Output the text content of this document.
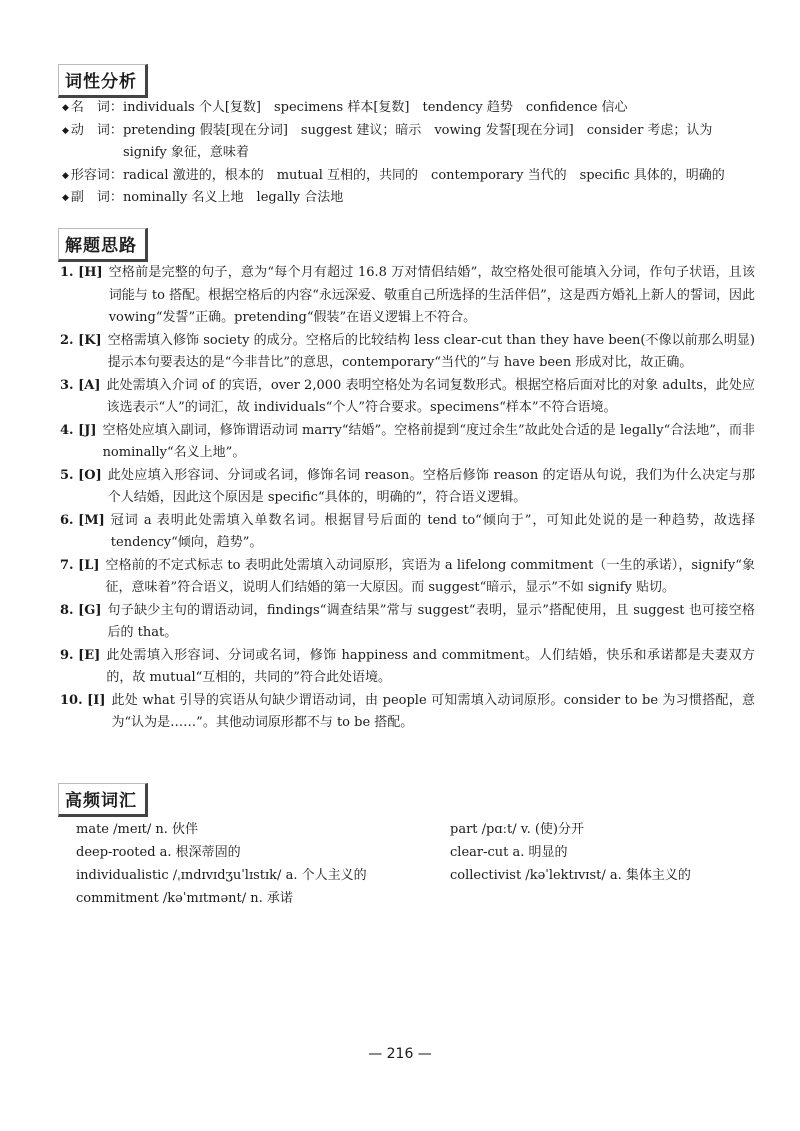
词性分析
◆ 名　词： individuals 个人[复数]　specimens 样本[复数]　tendency 趋势　confidence 信心
◆ 动　词： pretending 假装[现在分词]　suggest 建议；暗示　vowing 发誓[现在分词]　consider 考虑；认为　signify 象征，意味着
◆ 形容词： radical 激进的，根本的　mutual 互相的，共同的　contemporary 当代的　specific 具体的，明确的
◆ 副　词： nominally 名义上地　legally 合法地
解题思路
1. [H] 空格前是完整的句子，意为“每个月有超过 16.8 万对情侣结婚”，故空格处很可能填入分词，作句子状语，且该词能与 to 搭配。根据空格后的内容“永远深爱、敬重自己所选择的生活伴侣”，这是西方婚礼上新人的誓词，因此 vowing“发誓”正确。pretending“假装”在语义逻辑上不符合。
2. [K] 空格需填入修饰 society 的成分。空格后的比较结构 less clear-cut than they have been(不像以前那么明显)提示本句要表达的是“今非昔比”的意思，contemporary“当代的”与 have been 形成对比，故正确。
3. [A] 此处需填入介词 of 的宾语，over 2,000 表明空格处为名词复数形式。根据空格后面对比的对象 adults，此处应该选表示“人”的词汇，故 individuals“个人”符合要求。specimens“样本”不符合语境。
4. [J] 空格处应填入副词，修饰谓语动词 marry“结婚”。空格前提到“度过余生”故此处合适的是 legally“合法地”，而非 nominally“名义上地”。
5. [O] 此处应填入形容词、分词或名词，修饰名词 reason。空格后修饰 reason 的定语从句说，我们为什么决定与那个人结婚，因此这个原因是 specific“具体的，明确的”，符合语义逻辑。
6. [M] 冠词 a 表明此处需填入单数名词。根据冒号后面的 tend to“倾向于”，可知此处说的是一种趋势，故选择 tendency“倾向，趋势”。
7. [L] 空格前的不定式标志 to 表明此处需填入动词原形，宾语为 a lifelong commitment（一生的承诺），signify“象征，意味着”符合语义，说明人们结婚的第一大原因。而 suggest“暗示，显示”不如 signify 贴切。
8. [G] 句子缺少主句的谓语动词，findings“调查结果”常与 suggest“表明，显示”搭配使用，且 suggest 也可接空格后的 that。
9. [E] 此处需填入形容词、分词或名词，修饰 happiness and commitment。人们结婚，快乐和承诺都是夫妻双方的，故 mutual“互相的，共同的”符合此处语境。
10. [I] 此处 what 引导的宾语从句缺少谓语动词，由 people 可知需填入动词原形。consider to be 为习惯搭配，意为“认为是……”。其他动词原形都不与 to be 搭配。
高频词汇
mate /meɪt/ n. 伙伴
deep-rooted a. 根深蒂固的
individualistic /ˌɪndɪvɪdʒuˈlɪstɪk/ a. 个人主义的
commitment /kəˈmɪtmənt/ n. 承诺
part /pɑːt/ v. (使)分开
clear-cut a. 明显的
collectivist /kəˈlektɪvɪst/ a. 集体主义的
— 216 —
